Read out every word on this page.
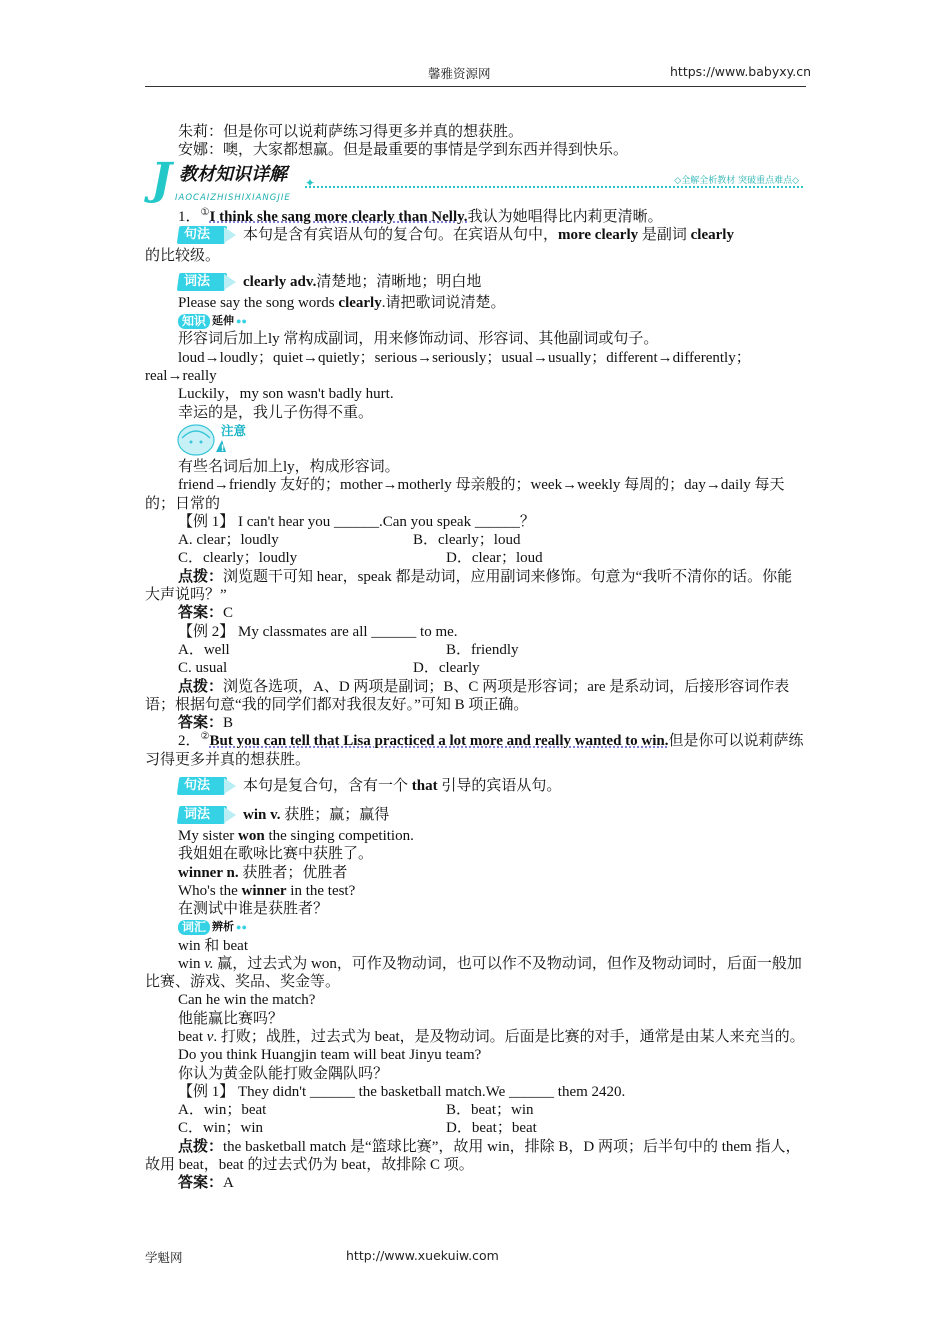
馨雅资源网	https://www.babyxy.cn

朱莉：但是你可以说莉萨练习得更多并真的想获胜。

安娜：噢，大家都想赢。但是最重要的事情是学到东西并得到快乐。

J 教材知识详解 ✦
IAOCAIZHISHIXIANGJIE
◇全解全析教材 突破重点难点◇

1．①I think she sang more clearly than Nelly.我认为她唱得比内莉更清晰。

句法 本句是含有宾语从句的复合句。在宾语从句中，more clearly 是副词 clearly

的比较级。

词法 clearly adv.清楚地；清晰地；明白地

Please say the song words clearly.请把歌词说清楚。

知识 延伸 ●●

形容词后加上ly 常构成副词，用来修饰动词、形容词、其他副词或句子。

loud→loudly；quiet→quietly；serious→seriously；usual→usually；different→differently；real→really

Luckily，my son wasn't badly hurt.

幸运的是，我儿子伤得不重。

!
注意

有些名词后加上ly，构成形容词。

friend→friendly 友好的；mother→motherly 母亲般的；week→weekly 每周的；day→daily 每天的；日常的

【例 1】 I can't hear you ______.Can you speak ______？

A. clear；loudly	B．clearly；loud
C．clearly；loudly	D．clear；loud

点拨：浏览题干可知 hear，speak 都是动词，应用副词来修饰。句意为“我听不清你的话。你能大声说吗？”

答案：C

【例 2】 My classmates are all ______ to me.

A．well	B．friendly
C. usual	D．clearly

点拨：浏览各选项，A、D 两项是副词；B、C 两项是形容词；are 是系动词，后接形容词作表语；根据句意“我的同学们都对我很友好。”可知 B 项正确。

答案：B

2．②But you can tell that Lisa practiced a lot more and really wanted to win.但是你可以说莉萨练习得更多并真的想获胜。

句法 本句是复合句，含有一个 that 引导的宾语从句。
词法 win v. 获胜；赢；赢得

My sister won the singing competition.

我姐姐在歌咏比赛中获胜了。

winner n. 获胜者；优胜者

Who's the winner in the test?

在测试中谁是获胜者？

词汇 辨析 ●●

win 和 beat

win v. 赢，过去式为 won，可作及物动词，也可以作不及物动词，但作及物动词时，后面一般加比赛、游戏、奖品、奖金等。

Can he win the match?

他能赢比赛吗？

beat v. 打败；战胜，过去式为 beat，是及物动词。后面是比赛的对手，通常是由某人来充当的。

Do you think Huangjin team will beat Jinyu team?

你认为黄金队能打败金隅队吗？

【例 1】 They didn't ______ the basketball match.We ______ them 2420.

A．win；beat	B．beat；win
C．win；win	D．beat；beat

点拨：the basketball match 是“篮球比赛”，故用 win，排除 B，D 两项；后半句中的 them 指人，故用 beat，beat 的过去式仍为 beat，故排除 C 项。

答案：A

学魁网	http://www.xuekuiw.com
